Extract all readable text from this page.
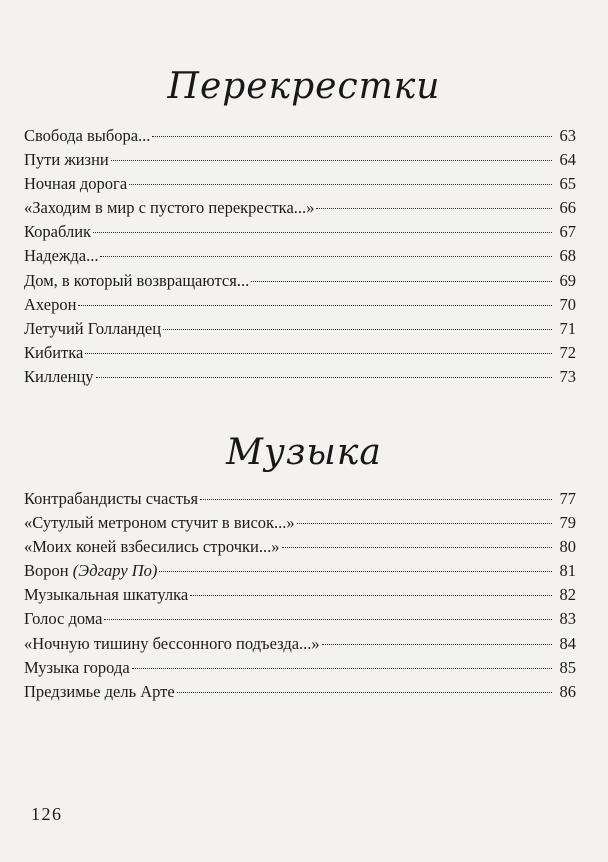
Перекрестки
Свобода выбора...	63
Пути жизни	64
Ночная дорога	65
«Заходим в мир с пустого перекрестка...»	66
Кораблик	67
Надежда...	68
Дом, в который возвращаются...	69
Ахерон	70
Летучий Голландец	71
Кибитка	72
Килленцу	73
Музыка
Контрабандисты счастья	77
«Сутулый метроном стучит в висок...»	79
«Моих коней взбесились строчки...»	80
Ворон (Эдгару По)	81
Музыкальная шкатулка	82
Голос дома	83
«Ночную тишину бессонного подъезда...»	84
Музыка города	85
Предзимье дель Арте	86
126
